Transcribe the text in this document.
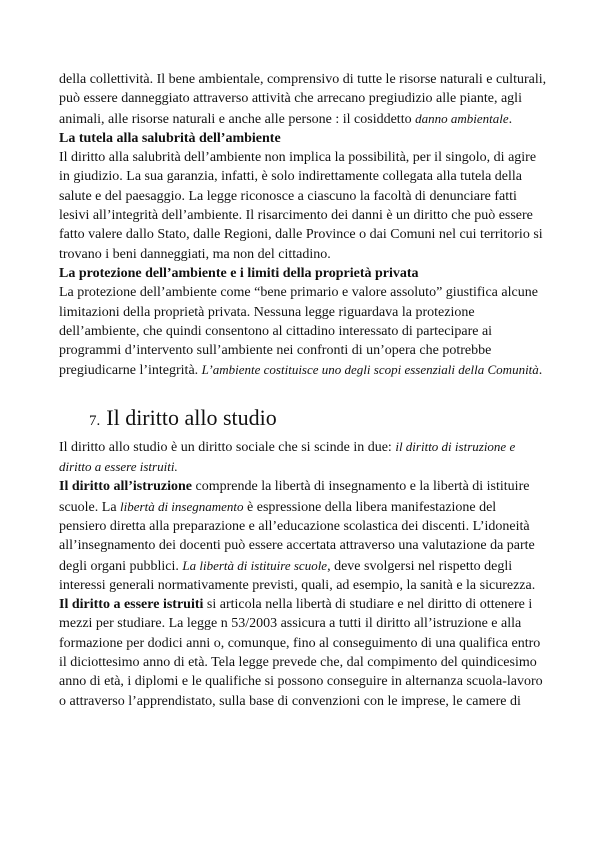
della collettività. Il bene ambientale, comprensivo di tutte le risorse naturali e culturali, può essere danneggiato attraverso attività che arrecano pregiudizio alle piante, agli animali, alle risorse naturali e anche alle persone : il cosiddetto danno ambientale.

La tutela alla salubrità dell’ambiente

Il diritto alla salubrità dell’ambiente non implica la possibilità, per il singolo, di agire in giudizio. La sua garanzia, infatti, è solo indirettamente collegata alla tutela della salute e del paesaggio. La legge riconosce a ciascuno la facoltà di denunciare fatti lesivi all’integrità dell’ambiente. Il risarcimento dei danni è un diritto che può essere fatto valere dallo Stato, dalle Regioni, dalle Province o dai Comuni nel cui territorio si trovano i beni danneggiati, ma non del cittadino.

La protezione dell’ambiente e i limiti della proprietà privata

La protezione dell’ambiente come “bene primario e valore assoluto” giustifica alcune limitazioni della proprietà privata. Nessuna legge riguardava la protezione dell’ambiente, che quindi consentono al cittadino interessato di partecipare ai programmi d’intervento sull’ambiente nei confronti di un’opera che potrebbe pregiudicarne l’integrità. L’ambiente costituisce uno degli scopi essenziali della Comunità.

7. Il diritto allo studio

Il diritto allo studio è un diritto sociale che si scinde in due: il diritto di istruzione e diritto a essere istruiti.

Il diritto all’istruzione comprende la libertà di insegnamento e la libertà di istituire scuole. La libertà di insegnamento è espressione della libera manifestazione del pensiero diretta alla preparazione e all’educazione scolastica dei discenti. L’idoneità all’insegnamento dei docenti può essere accertata attraverso una valutazione da parte degli organi pubblici. La libertà di istituire scuole, deve svolgersi nel rispetto degli interessi generali normativamente previsti, quali, ad esempio, la sanità e la sicurezza.

Il diritto a essere istruiti si articola nella libertà di studiare e nel diritto di ottenere i mezzi per studiare. La legge n 53/2003 assicura a tutti il diritto all’istruzione e alla formazione per dodici anni o, comunque, fino al conseguimento di una qualifica entro il diciottesimo anno di età. Tela legge prevede che, dal compimento del quindicesimo anno di età, i diplomi e le qualifiche si possono conseguire in alternanza scuola-lavoro o attraverso l’apprendistato, sulla base di convenzioni con le imprese, le camere di
